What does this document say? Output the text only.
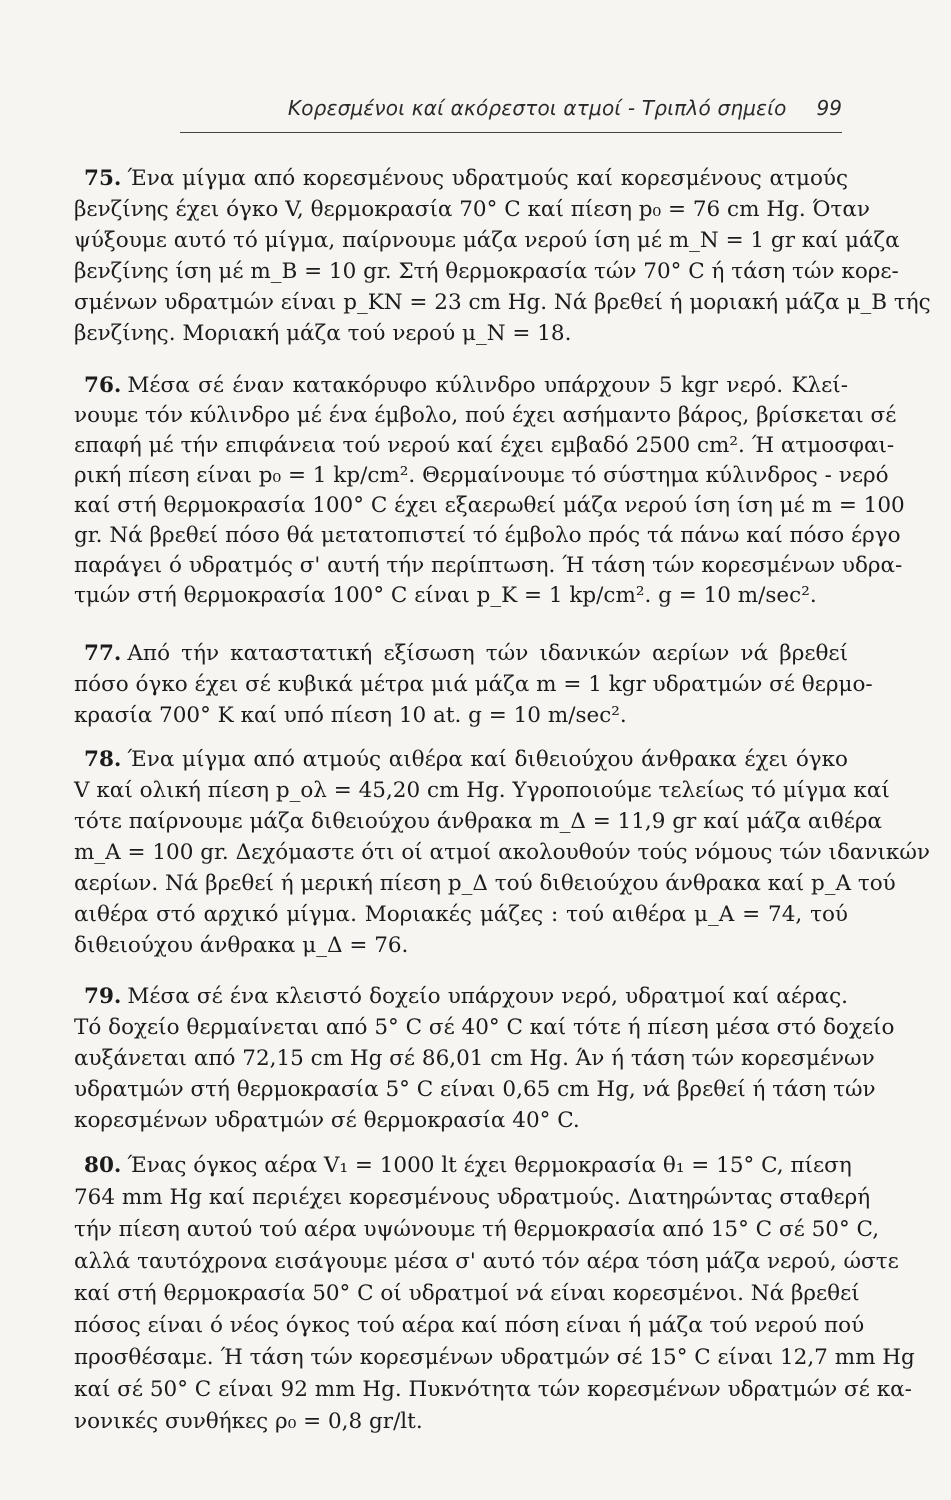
Κορεσμένοι καί ακόρεστοι ατμοί - Τριπλό σημείο 99
75. Ένα μίγμα από κορεσμένους υδρατμούς καί κορεσμένους ατμούς
βενζίνης έχει όγκο V, θερμοκρασία 70° C καί πίεση p₀ = 76 cm Hg. Όταν
ψύξουμε αυτό τό μίγμα, παίρνουμε μάζα νερού ίση μέ m_N = 1 gr καί μάζα
βενζίνης ίση μέ m_B = 10 gr. Στή θερμοκρασία τών 70° C ή τάση τών κορε-
σμένων υδρατμών είναι p_KN = 23 cm Hg. Νά βρεθεί ή μοριακή μάζα μ_B τής
βενζίνης. Μοριακή μάζα τού νερού μ_N = 18.
76. Μέσα σέ έναν κατακόρυφο κύλινδρο υπάρχουν 5 kgr νερό. Κλεί-
νουμε τόν κύλινδρο μέ ένα έμβολο, πού έχει ασήμαντο βάρος, βρίσκεται σέ
επαφή μέ τήν επιφάνεια τού νερού καί έχει εμβαδό 2500 cm². Ή ατμοσφαι-
ρική πίεση είναι p₀ = 1 kp/cm². Θερμαίνουμε τό σύστημα κύλινδρος - νερό
καί στή θερμοκρασία 100° C έχει εξαερωθεί μάζα νερού ίση ίση μέ m = 100
gr. Νά βρεθεί πόσο θά μετατοπιστεί τό έμβολο πρός τά πάνω καί πόσο έργο
παράγει ό υδρατμός σ' αυτή τήν περίπτωση. Ή τάση τών κορεσμένων υδρα-
τμών στή θερμοκρασία 100° C είναι p_K = 1 kp/cm². g = 10 m/sec².
77. Από τήν καταστατική εξίσωση τών ιδανικών αερίων νά βρεθεί
πόσο όγκο έχει σέ κυβικά μέτρα μιά μάζα m = 1 kgr υδρατμών σέ θερμο-
κρασία 700° K καί υπό πίεση 10 at. g = 10 m/sec².
78. Ένα μίγμα από ατμούς αιθέρα καί διθειούχου άνθρακα έχει όγκο
V καί ολική πίεση p_ολ = 45,20 cm Hg. Υγροποιούμε τελείως τό μίγμα καί
τότε παίρνουμε μάζα διθειούχου άνθρακα m_Δ = 11,9 gr καί μάζα αιθέρα
m_A = 100 gr. Δεχόμαστε ότι οί ατμοί ακολουθούν τούς νόμους τών ιδανικών
αερίων. Νά βρεθεί ή μερική πίεση p_Δ τού διθειούχου άνθρακα καί p_A τού
αιθέρα στό αρχικό μίγμα. Μοριακές μάζες : τού αιθέρα μ_A = 74, τού
διθειούχου άνθρακα μ_Δ = 76.
79. Μέσα σέ ένα κλειστό δοχείο υπάρχουν νερό, υδρατμοί καί αέρας.
Τό δοχείο θερμαίνεται από 5° C σέ 40° C καί τότε ή πίεση μέσα στό δοχείο
αυξάνεται από 72,15 cm Hg σέ 86,01 cm Hg. Άν ή τάση τών κορεσμένων
υδρατμών στή θερμοκρασία 5° C είναι 0,65 cm Hg, νά βρεθεί ή τάση τών
κορεσμένων υδρατμών σέ θερμοκρασία 40° C.
80. Ένας όγκος αέρα V₁ = 1000 lt έχει θερμοκρασία θ₁ = 15° C, πίεση
764 mm Hg καί περιέχει κορεσμένους υδρατμούς. Διατηρώντας σταθερή
τήν πίεση αυτού τού αέρα υψώνουμε τή θερμοκρασία από 15° C σέ 50° C,
αλλά ταυτόχρονα εισάγουμε μέσα σ' αυτό τόν αέρα τόση μάζα νερού, ώστε
καί στή θερμοκρασία 50° C οί υδρατμοί νά είναι κορεσμένοι. Νά βρεθεί
πόσος είναι ό νέος όγκος τού αέρα καί πόση είναι ή μάζα τού νερού πού
προσθέσαμε. Ή τάση τών κορεσμένων υδρατμών σέ 15° C είναι 12,7 mm Hg
καί σέ 50° C είναι 92 mm Hg. Πυκνότητα τών κορεσμένων υδρατμών σέ κα-
νονικές συνθήκες ρ₀ = 0,8 gr/lt.
